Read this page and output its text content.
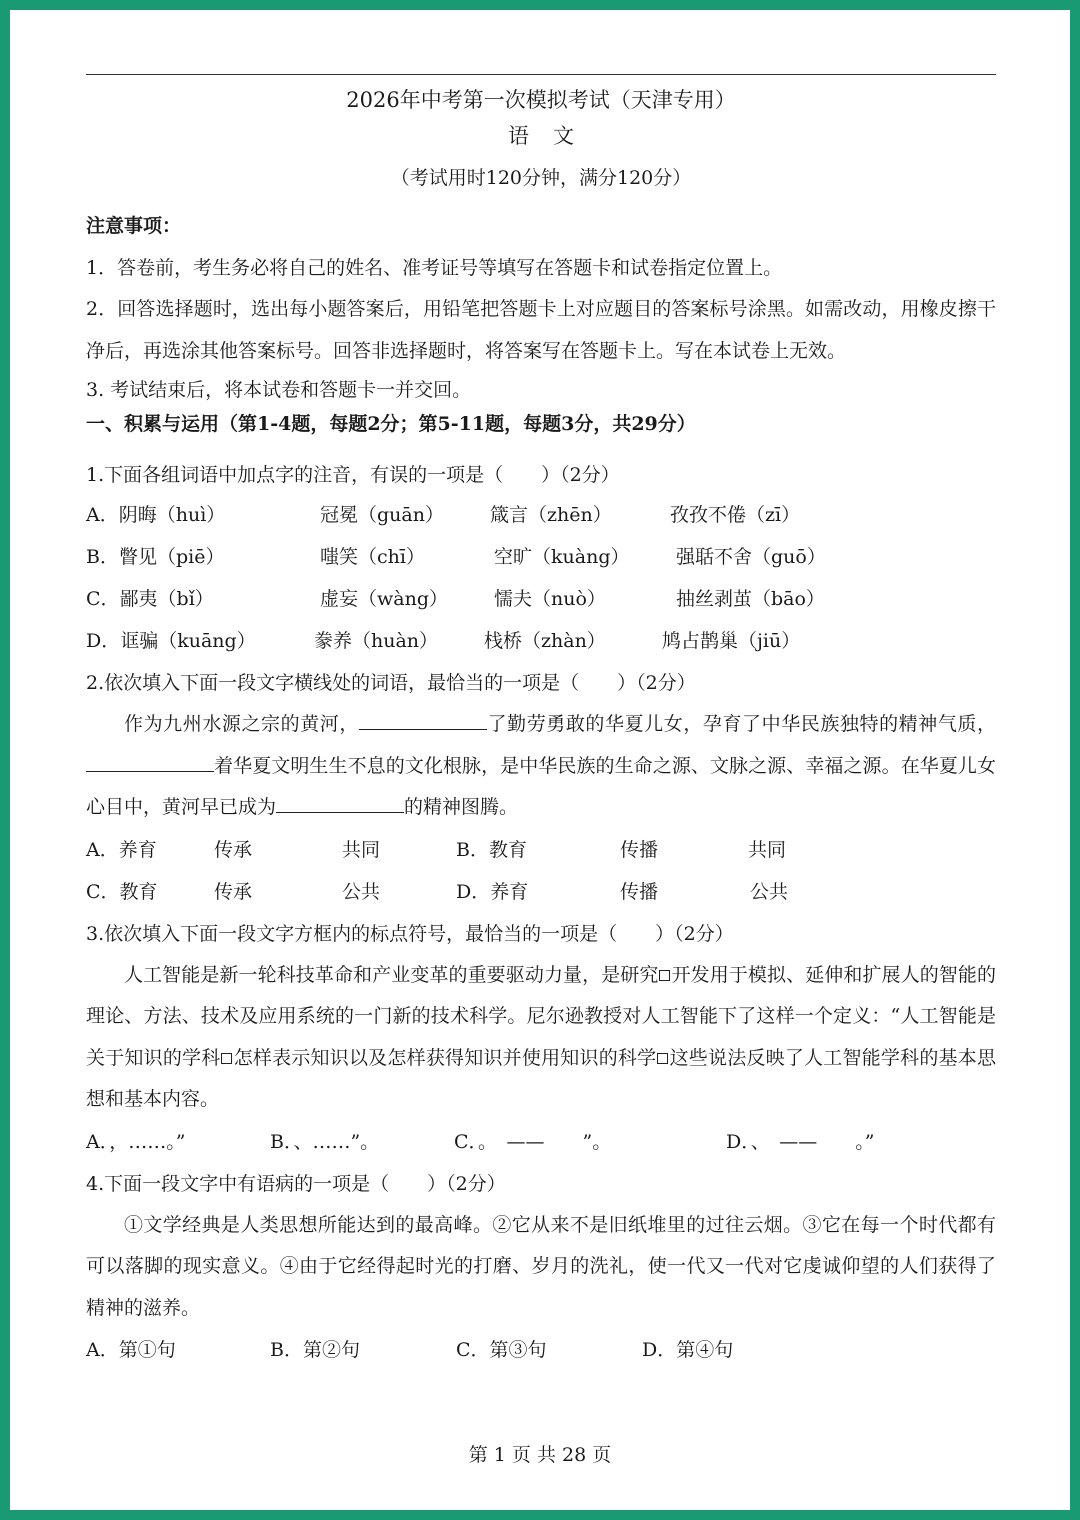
2026年中考第一次模拟考试（天津专用）
语文
（考试用时120分钟，满分120分）
注意事项：
1．答卷前，考生务必将自己的姓名、准考证号等填写在答题卡和试卷指定位置上。
2．回答选择题时，选出每小题答案后，用铅笔把答题卡上对应题目的答案标号涂黑。如需改动，用橡皮擦干净后，再选涂其他答案标号。回答非选择题时，将答案写在答题卡上。写在本试卷上无效。
3. 考试结束后，将本试卷和答题卡一并交回。
一、积累与运用（第1-4题，每题2分；第5-11题，每题3分，共29分）
1.下面各组词语中加点字的注音，有误的一项是（　　）（2分）
A．阴晦（huì）	冠冕（guān）	箴言（zhēn）	孜孜不倦（zī）
B．瞥见（piē）	嗤笑（chī）	空旷（kuàng）	强聒不舍（guō）
C．鄙夷（bǐ）	虚妄（wàng）	懦夫（nuò）	抽丝剥茧（bāo）
D．诓骗（kuāng）	豢养（huàn）	栈桥（zhàn）	鸠占鹊巢（jiū）
2.依次填入下面一段文字横线处的词语，最恰当的一项是（　　）（2分）
作为九州水源之宗的黄河，	了勤劳勇敢的华夏儿女，孕育了中华民族独特的精神气质，着华夏文明生生不息的文化根脉，是中华民族的生命之源、文脉之源、幸福之源。在华夏儿女心目中，黄河早已成为	的精神图腾。
A．养育	传承	共同	B．教育	传播	共同
C．教育	传承	公共	D．养育	传播	公共
3.依次填入下面一段文字方框内的标点符号，最恰当的一项是（　　）（2分）
人工智能是新一轮科技革命和产业变革的重要驱动力量，是研究 开发用于模拟、延伸和扩展人的智能的理论、方法、技术及应用系统的一门新的技术科学。尼尔逊教授对人工智能下了这样一个定义：“人工智能是关于知识的学科 怎样表示知识以及怎样获得知识并使用知识的科学 这些说法反映了人工智能学科的基本思想和基本内容。
A．，……。”	B．、……”。	C．。　——　　”。	D．、　——　　。”
4.下面一段文字中有语病的一项是（　　）（2分）
①文学经典是人类思想所能达到的最高峰。②它从来不是旧纸堆里的过往云烟。③它在每一个时代都有可以落脚的现实意义。④由于它经得起时光的打磨、岁月的洗礼，使一代又一代对它虔诚仰望的人们获得了精神的滋养。
A．第①句	B．第②句	C．第③句	D．第④句
第 1 页 共 28 页
